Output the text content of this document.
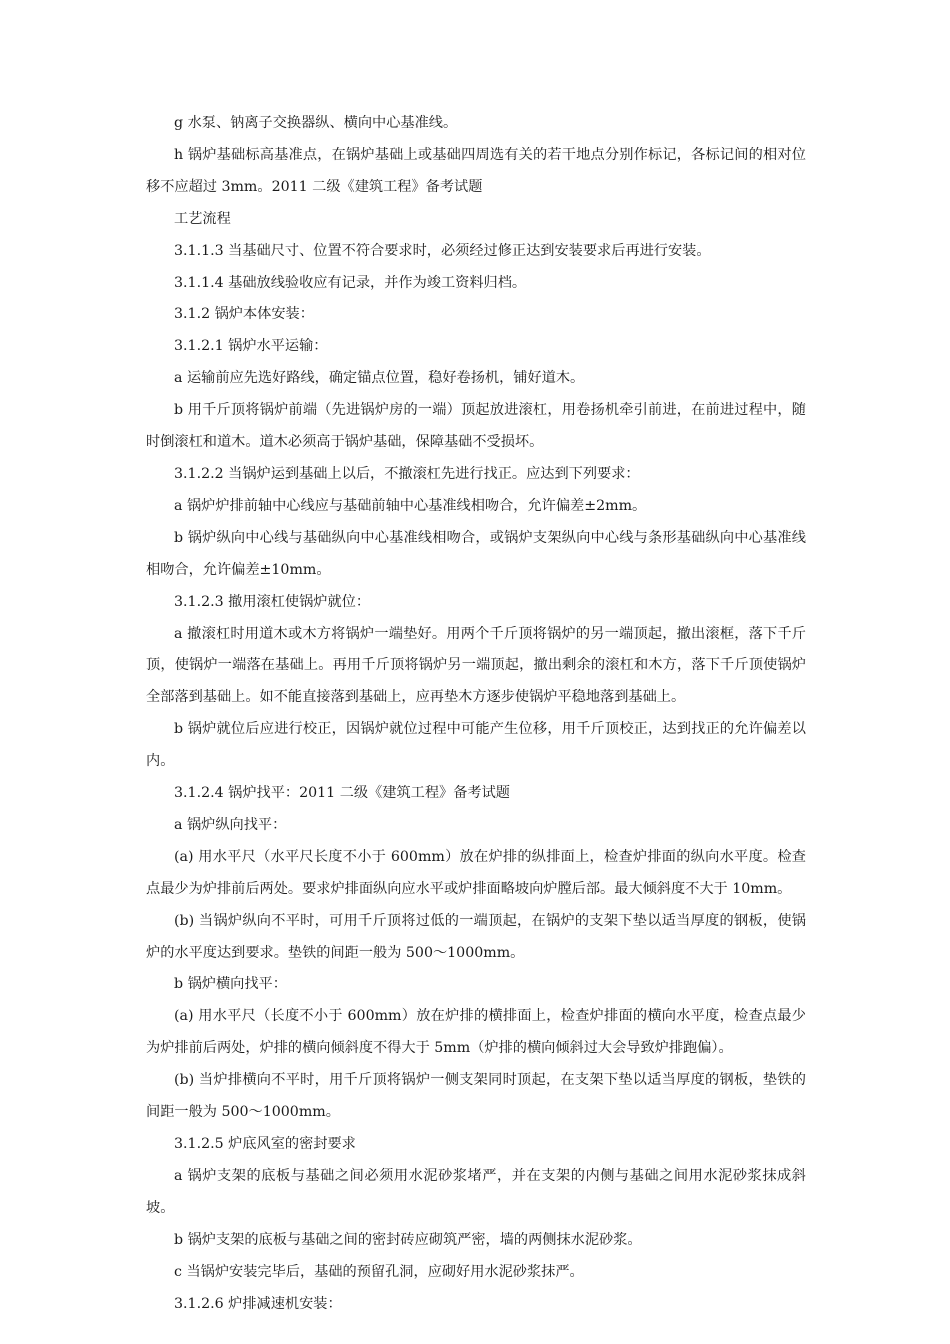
g 水泵、钠离子交换器纵、横向中心基准线。

h 锅炉基础标高基准点，在锅炉基础上或基础四周选有关的若干地点分别作标记，各标记间的相对位移不应超过 3mm。2011 二级《建筑工程》备考试题

工艺流程

3.1.1.3 当基础尺寸、位置不符合要求时，必须经过修正达到安装要求后再进行安装。

3.1.1.4 基础放线验收应有记录，并作为竣工资料归档。

3.1.2 锅炉本体安装：

3.1.2.1 锅炉水平运输：

a 运输前应先选好路线，确定锚点位置，稳好卷扬机，铺好道木。

b 用千斤顶将锅炉前端（先进锅炉房的一端）顶起放进滚杠，用卷扬机牵引前进，在前进过程中，随时倒滚杠和道木。道木必须高于锅炉基础，保障基础不受损坏。

3.1.2.2 当锅炉运到基础上以后，不撤滚杠先进行找正。应达到下列要求：

a 锅炉炉排前轴中心线应与基础前轴中心基准线相吻合，允许偏差±2mm。

b 锅炉纵向中心线与基础纵向中心基准线相吻合，或锅炉支架纵向中心线与条形基础纵向中心基准线相吻合，允许偏差±10mm。

3.1.2.3 撤用滚杠使锅炉就位：

a 撤滚杠时用道木或木方将锅炉一端垫好。用两个千斤顶将锅炉的另一端顶起，撤出滚框，落下千斤顶，使锅炉一端落在基础上。再用千斤顶将锅炉另一端顶起，撤出剩余的滚杠和木方，落下千斤顶使锅炉全部落到基础上。如不能直接落到基础上，应再垫木方逐步使锅炉平稳地落到基础上。

b 锅炉就位后应进行校正，因锅炉就位过程中可能产生位移，用千斤顶校正，达到找正的允许偏差以内。

3.1.2.4 锅炉找平：2011 二级《建筑工程》备考试题

a 锅炉纵向找平：

(a) 用水平尺（水平尺长度不小于 600mm）放在炉排的纵排面上，检查炉排面的纵向水平度。检查点最少为炉排前后两处。要求炉排面纵向应水平或炉排面略坡向炉膛后部。最大倾斜度不大于 10mm。

(b) 当锅炉纵向不平时，可用千斤顶将过低的一端顶起，在锅炉的支架下垫以适当厚度的钢板，使锅炉的水平度达到要求。垫铁的间距一般为 500～1000mm。

b 锅炉横向找平：

(a) 用水平尺（长度不小于 600mm）放在炉排的横排面上，检查炉排面的横向水平度，检查点最少为炉排前后两处，炉排的横向倾斜度不得大于 5mm（炉排的横向倾斜过大会导致炉排跑偏）。

(b) 当炉排横向不平时，用千斤顶将锅炉一侧支架同时顶起，在支架下垫以适当厚度的钢板，垫铁的间距一般为 500～1000mm。

3.1.2.5 炉底风室的密封要求

a 锅炉支架的底板与基础之间必须用水泥砂浆堵严，并在支架的内侧与基础之间用水泥砂浆抹成斜坡。

b 锅炉支架的底板与基础之间的密封砖应砌筑严密，墙的两侧抹水泥砂浆。

c 当锅炉安装完毕后，基础的预留孔洞，应砌好用水泥砂浆抹严。

3.1.2.6 炉排减速机安装：
